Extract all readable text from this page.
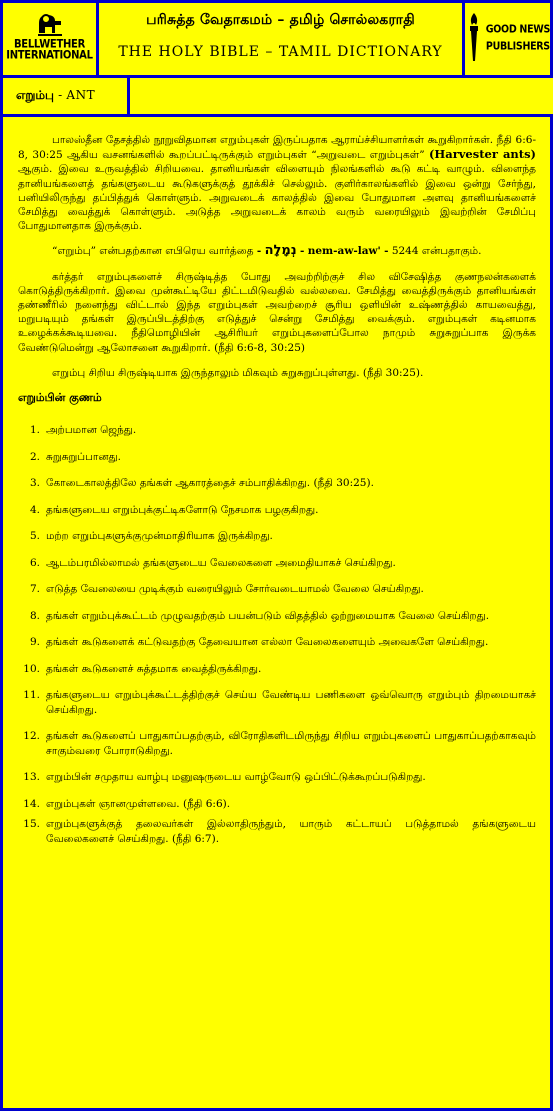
BELLWETHER
INTERNATIONAL
பரிசுத்த வேதாகமம் – தமிழ் சொல்லகராதி
THE HOLY BIBLE – TAMIL DICTIONARY
GOOD NEWS
PUBLISHERS
எறும்பு - ANT

பாலஸ்தீன தேசத்தில் நூறுவிதமான எறும்புகள் இருப்பதாக ஆராய்ச்சியாளர்கள் கூறுகிறார்கள். நீதி 6:6-8, 30:25 ஆகிய வசனங்களில் கூறப்பட்டிருக்கும் எறும்புகள் “அறுவடை எறும்புகள்” (Harvester ants) ஆகும். இவை உருவத்தில் சிறியவை. தானியங்கள் விளையும் நிலங்களில் கூடு கட்டி வாழும். விளைந்த தானியங்களைத் தங்களுடைய கூடுகளுக்குத் தூக்கிச் செல்லும். குளிர்காலங்களில் இவை ஒன்று சேர்ந்து, பனியிலிருந்து தப்பித்துக் கொள்ளும். அறுவடைக் காலத்தில் இவை போதுமான அளவு தானியங்களைச் சேமித்து வைத்துக் கொள்ளும். அடுத்த அறுவடைக் காலம் வரும் வரையிலும் இவற்றின் சேமிப்பு போதுமானதாக இருக்கும்.

“எறும்பு” என்பதற்கான எபிரெய வார்த்தை - נְמָלָה - nem-aw-law' - 5244 என்பதாகும்.

கர்த்தர் எறும்புகளைச் சிருஷ்டித்த போது அவற்றிற்குச் சில விசேஷித்த குணநலன்களைக் கொடுத்திருக்கிறார். இவை முன்கூட்டியே திட்டமிடுவதில் வல்லவை. சேமித்து வைத்திருக்கும் தானியங்கள் தண்ணீரில் நனைந்து விட்டால் இந்த எறும்புகள் அவற்றைச் சூரிய ஒளியின் உஷ்ணத்தில் காயவைத்து, மறுபடியும் தங்கள் இருப்பிடத்திற்கு எடுத்துச் சென்று சேமித்து வைக்கும். எறும்புகள் கடினமாக உழைக்கக்கூடியவை. நீதிமொழியின் ஆசிரியர் எறும்புகளைப்போல நாமும் சுறுசுறுப்பாக இருக்க வேண்டுமென்று ஆலோசனை கூறுகிறார். (நீதி 6:6-8, 30:25)

எறும்பு சிறிய சிருஷ்டியாக இருந்தாலும் மிகவும் சுறுசுறுப்புள்ளது. (நீதி 30:25).

எறும்பின் குணம்
1. அற்பமான ஜெந்து.
2. சுறுசுறுப்பானது.
3. கோடைகாலத்திலே தங்கள் ஆகாரத்தைச் சம்பாதிக்கிறது. (நீதி 30:25).
4. தங்களுடைய எறும்புக்குட்டிகளோடு நேசமாக பழகுகிறது.
5. மற்ற எறும்புகளுக்குமுன்மாதிரியாக இருக்கிறது.
6. ஆடம்பரமில்லாமல் தங்களுடைய வேலைகளை அமைதியாகச் செய்கிறது.
7. எடுத்த வேலையை முடிக்கும் வரையிலும் சோர்வடையாமல் வேலை செய்கிறது.
8. தங்கள் எறும்புக்கூட்டம் முழுவதற்கும் பயன்படும் விதத்தில் ஒற்றுமையாக வேலை செய்கிறது.
9. தங்கள் கூடுகளைக் கட்டுவதற்கு தேவையான எல்லா வேலைகளையும் அவைகளே செய்கிறது.
10. தங்கள் கூடுகளைச் சுத்தமாக வைத்திருக்கிறது.
11. தங்களுடைய எறும்புக்கூட்டத்திற்குச் செய்ய வேண்டிய பணிகளை ஒவ்வொரு எறும்பும் திறமையாகச் செய்கிறது.
12. தங்கள் கூடுகளைப் பாதுகாப்பதற்கும், விரோதிகளிடமிருந்து சிறிய எறும்புகளைப் பாதுகாப்பதற்காகவும் சாகும்வரை போராடுகிறது.
13. எறும்பின் சமுதாய வாழ்பு மனுஷருடைய வாழ்வோடு ஒப்பிட்டுக்கூறப்படுகிறது.
14. எறும்புகள் ஞானமுள்ளவை. (நீதி 6:6).
15. எறும்புகளுக்குத் தலைவர்கள் இல்லாதிருந்தும், யாரும் கட்டாயப் படுத்தாமல் தங்களுடைய வேலைகளைச் செய்கிறது. (நீதி 6:7).
